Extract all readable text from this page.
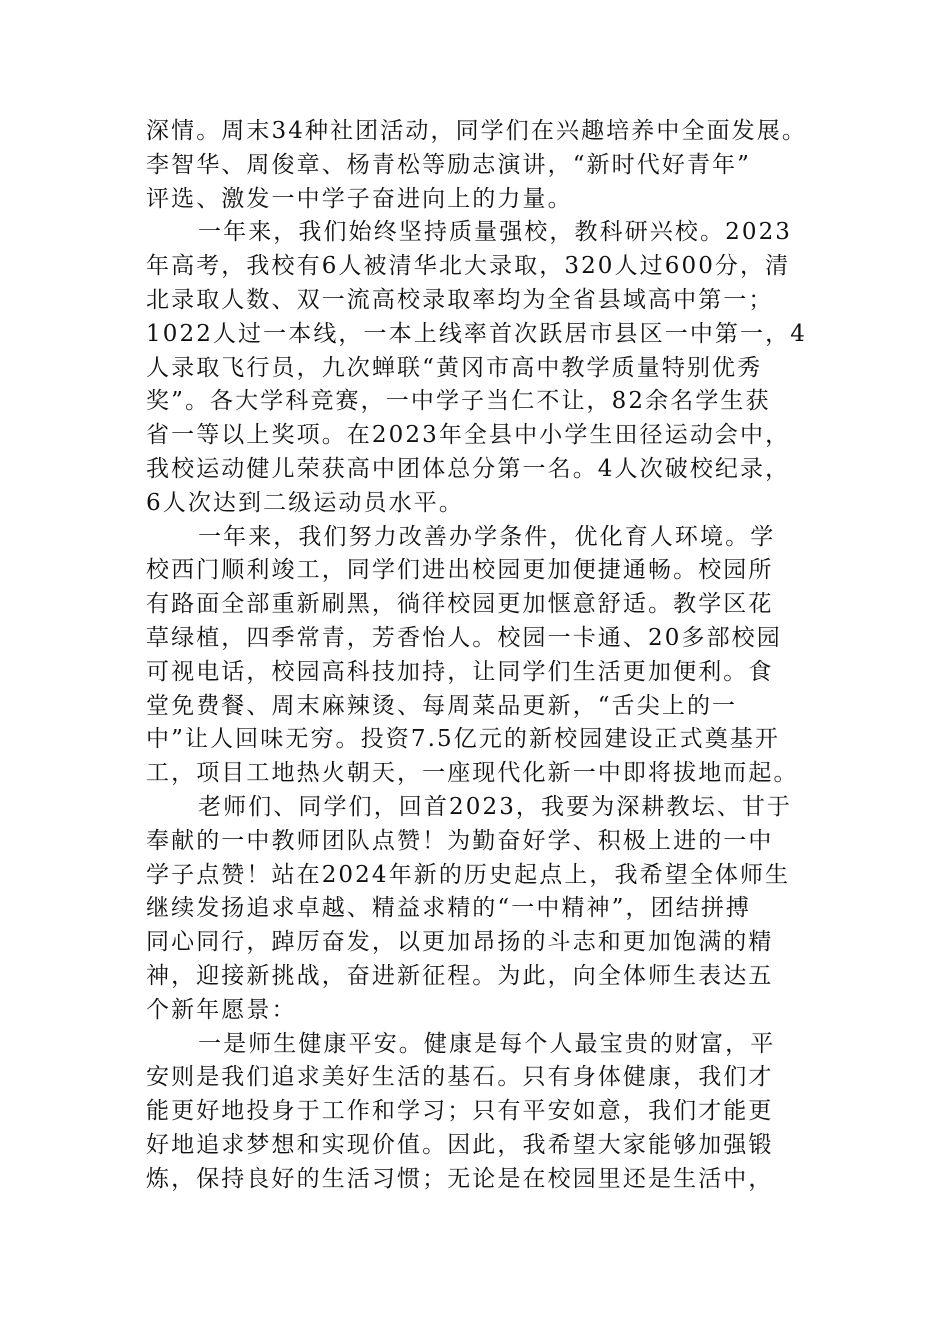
深情。周末34种社团活动，同学们在兴趣培养中全面发展。
李智华、周俊章、杨青松等励志演讲，“新时代好青年”
评选、激发一中学子奋进向上的力量。

一年来，我们始终坚持质量强校，教科研兴校。2023
年高考，我校有6人被清华北大录取，320人过600分，清
北录取人数、双一流高校录取率均为全省县域高中第一；
1022人过一本线，一本上线率首次跃居市县区一中第一，4
人录取飞行员，九次蝉联“黄冈市高中教学质量特别优秀
奖”。各大学科竞赛，一中学子当仁不让，82余名学生获
省一等以上奖项。在2023年全县中小学生田径运动会中，
我校运动健儿荣获高中团体总分第一名。4人次破校纪录，
6人次达到二级运动员水平。

一年来，我们努力改善办学条件，优化育人环境。学
校西门顺利竣工，同学们进出校园更加便捷通畅。校园所
有路面全部重新刷黑，徜徉校园更加惬意舒适。教学区花
草绿植，四季常青，芳香怡人。校园一卡通、20多部校园
可视电话，校园高科技加持，让同学们生活更加便利。食
堂免费餐、周末麻辣烫、每周菜品更新，“舌尖上的一
中”让人回味无穷。投资7.5亿元的新校园建设正式奠基开
工，项目工地热火朝天，一座现代化新一中即将拔地而起。

老师们、同学们，回首2023，我要为深耕教坛、甘于
奉献的一中教师团队点赞！为勤奋好学、积极上进的一中
学子点赞！站在2024年新的历史起点上，我希望全体师生
继续发扬追求卓越、精益求精的“一中精神”，团结拼搏
同心同行，踔厉奋发，以更加昂扬的斗志和更加饱满的精
神，迎接新挑战，奋进新征程。为此，向全体师生表达五
个新年愿景：

一是师生健康平安。健康是每个人最宝贵的财富，平
安则是我们追求美好生活的基石。只有身体健康，我们才
能更好地投身于工作和学习；只有平安如意，我们才能更
好地追求梦想和实现价值。因此，我希望大家能够加强锻
炼，保持良好的生活习惯；无论是在校园里还是生活中，
